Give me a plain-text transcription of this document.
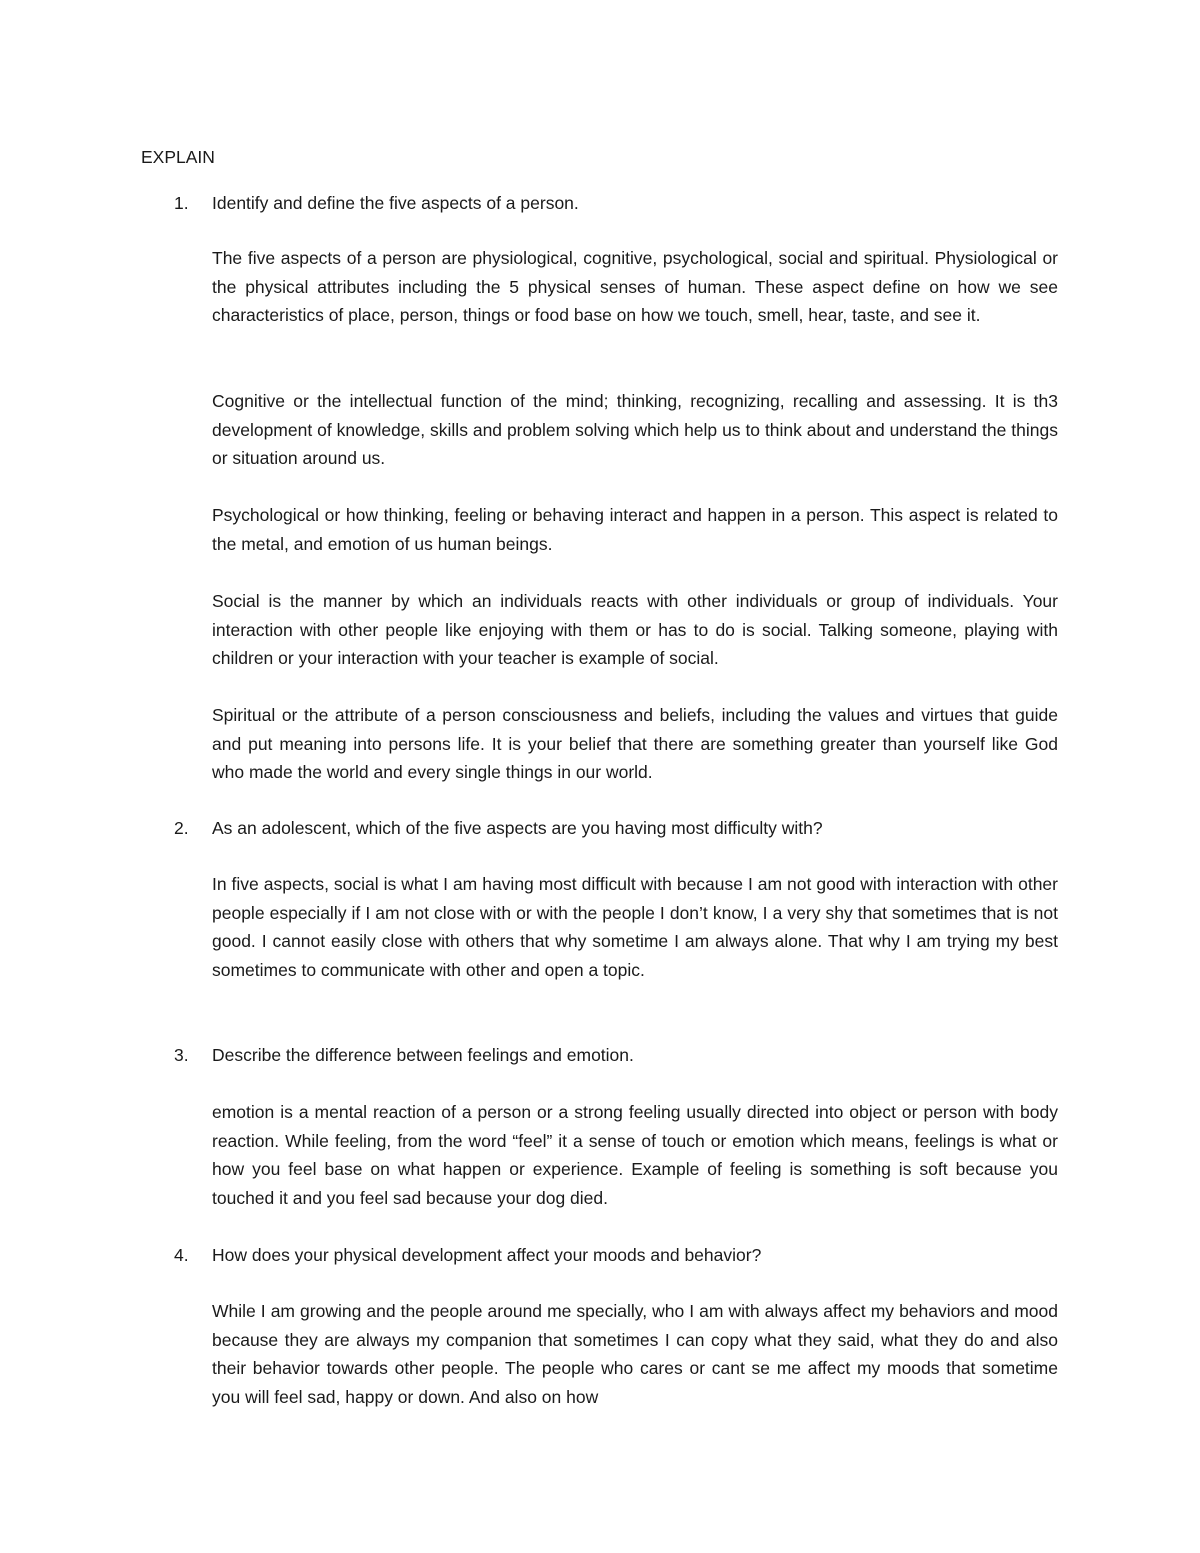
EXPLAIN
1. Identify and define the five aspects of a person.

The five aspects of a person are physiological, cognitive, psychological, social and spiritual. Physiological or the physical attributes including the 5 physical senses of human. These aspect define on how we see characteristics of place, person, things or food base on how we touch, smell, hear, taste, and see it.

Cognitive or the intellectual function of the mind; thinking, recognizing, recalling and assessing. It is th3 development of knowledge, skills and problem solving which help us to think about and understand the things or situation around us.

Psychological or how thinking, feeling or behaving interact and happen in a person. This aspect is related to the metal, and emotion of us human beings.

Social is the manner by which an individuals reacts with other individuals or group of individuals. Your interaction with other people like enjoying with them or has to do is social. Talking someone, playing with children or your interaction with your teacher is example of social.

Spiritual or the attribute of a person consciousness and beliefs, including the values and virtues that guide and put meaning into persons life. It is your belief that there are something greater than yourself like God who made the world and every single things in our world.

2. As an adolescent, which of the five aspects are you having most difficulty with?

In five aspects, social is what I am having most difficult with because I am not good with interaction with other people especially if I am not close with or with the people I don’t know, I a very shy that sometimes that is not good. I cannot easily close with others that why sometime I am always alone. That why I am trying my best sometimes to communicate with other and open a topic.

3. Describe the difference between feelings and emotion.

emotion is a mental reaction of a person or a strong feeling usually directed into object or person with body reaction. While feeling, from the word “feel” it a sense of touch or emotion which means, feelings is what or how you feel base on what happen or experience. Example of feeling is something is soft because you touched it and you feel sad because your dog died.

4. How does your physical development affect your moods and behavior?

While I am growing and the people around me specially, who I am with always affect my behaviors and mood because they are always my companion that sometimes I can copy what they said, what they do and also their behavior towards other people. The people who cares or cant se me affect my moods that sometime you will feel sad, happy or down. And also on how
